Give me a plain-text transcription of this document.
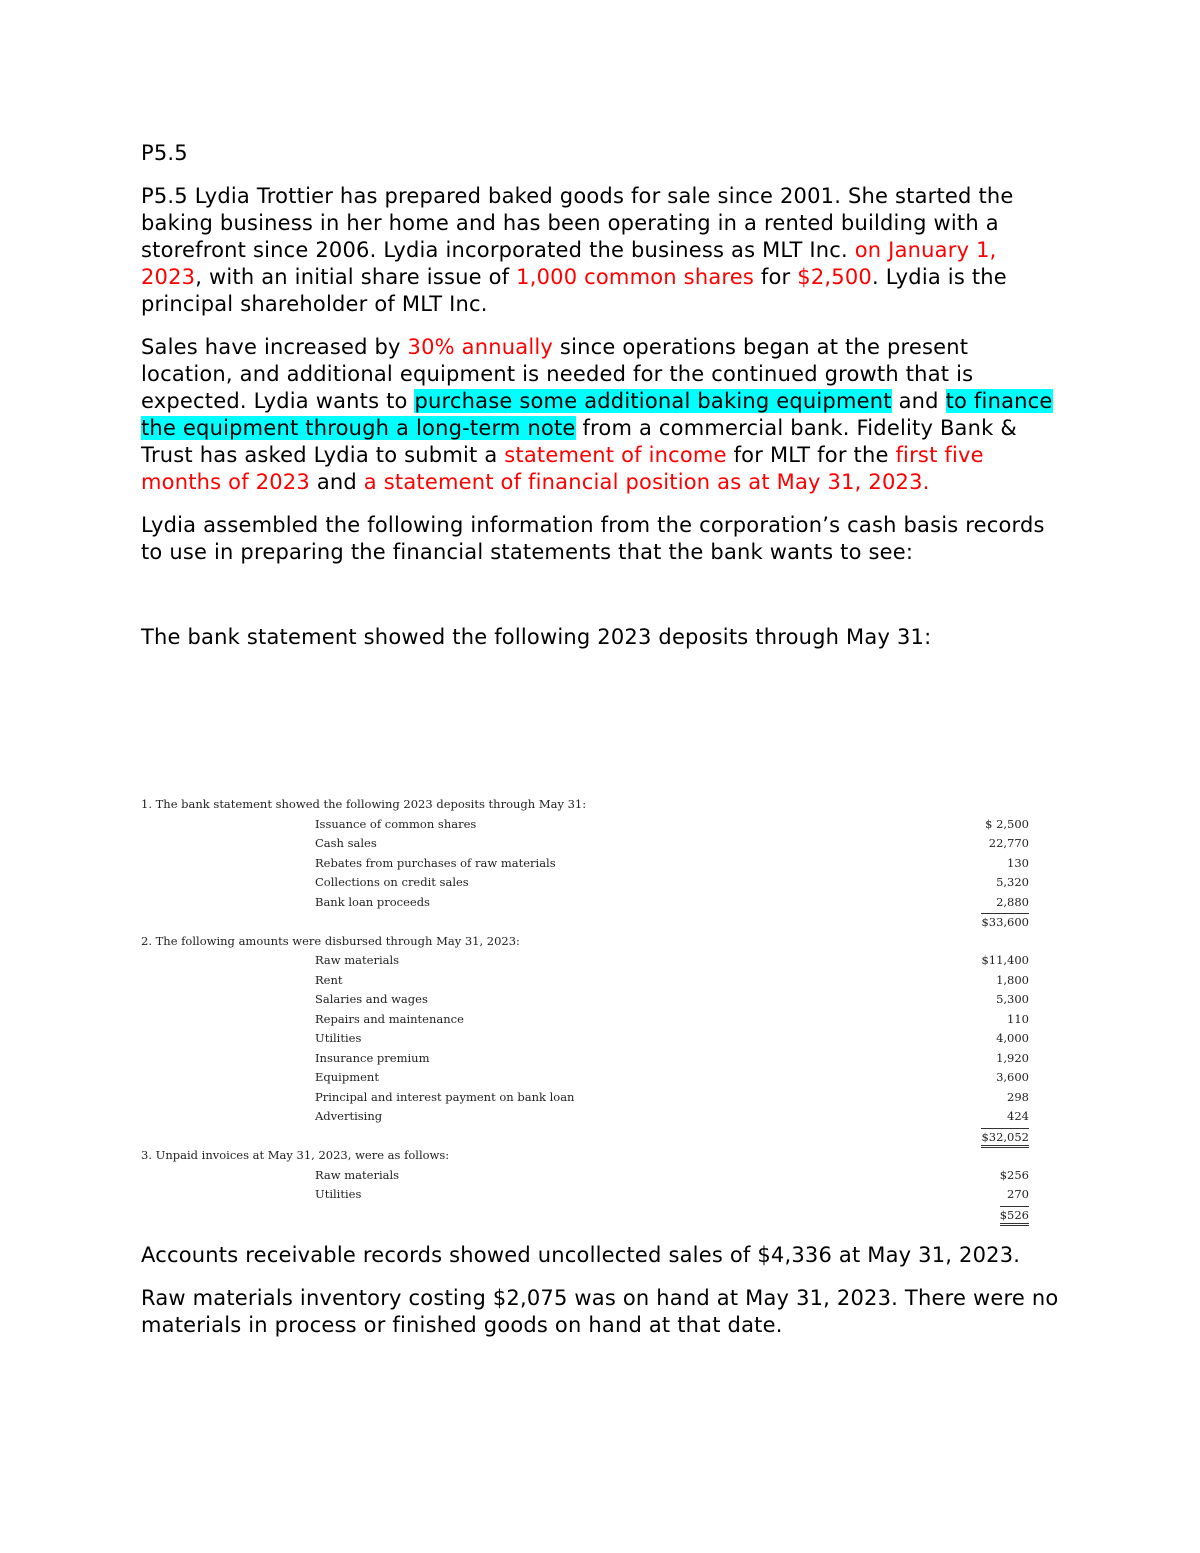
P5.5

P5.5 Lydia Trottier has prepared baked goods for sale since 2001. She started the baking business in her home and has been operating in a rented building with a storefront since 2006. Lydia incorporated the business as MLT Inc. on January 1, 2023, with an initial share issue of 1,000 common shares for $2,500. Lydia is the principal shareholder of MLT Inc.

Sales have increased by 30% annually since operations began at the present location, and additional equipment is needed for the continued growth that is expected. Lydia wants to purchase some additional baking equipment and to finance the equipment through a long-term note from a commercial bank. Fidelity Bank & Trust has asked Lydia to submit a statement of income for MLT for the first five months of 2023 and a statement of financial position as at May 31, 2023.

Lydia assembled the following information from the corporation’s cash basis records to use in preparing the financial statements that the bank wants to see:

The bank statement showed the following 2023 deposits through May 31:

1. The bank statement showed the following 2023 deposits through May 31:
Issuance of common shares	$ 2,500
Cash sales	22,770
Rebates from purchases of raw materials	130
Collections on credit sales	5,320
Bank loan proceeds	2,880
$33,600
2. The following amounts were disbursed through May 31, 2023:
Raw materials	$11,400
Rent	1,800
Salaries and wages	5,300
Repairs and maintenance	110
Utilities	4,000
Insurance premium	1,920
Equipment	3,600
Principal and interest payment on bank loan	298
Advertising	424
$32,052
3. Unpaid invoices at May 31, 2023, were as follows:
Raw materials	$256
Utilities	270
$526

Accounts receivable records showed uncollected sales of $4,336 at May 31, 2023.

Raw materials inventory costing $2,075 was on hand at May 31, 2023. There were no materials in process or finished goods on hand at that date.
